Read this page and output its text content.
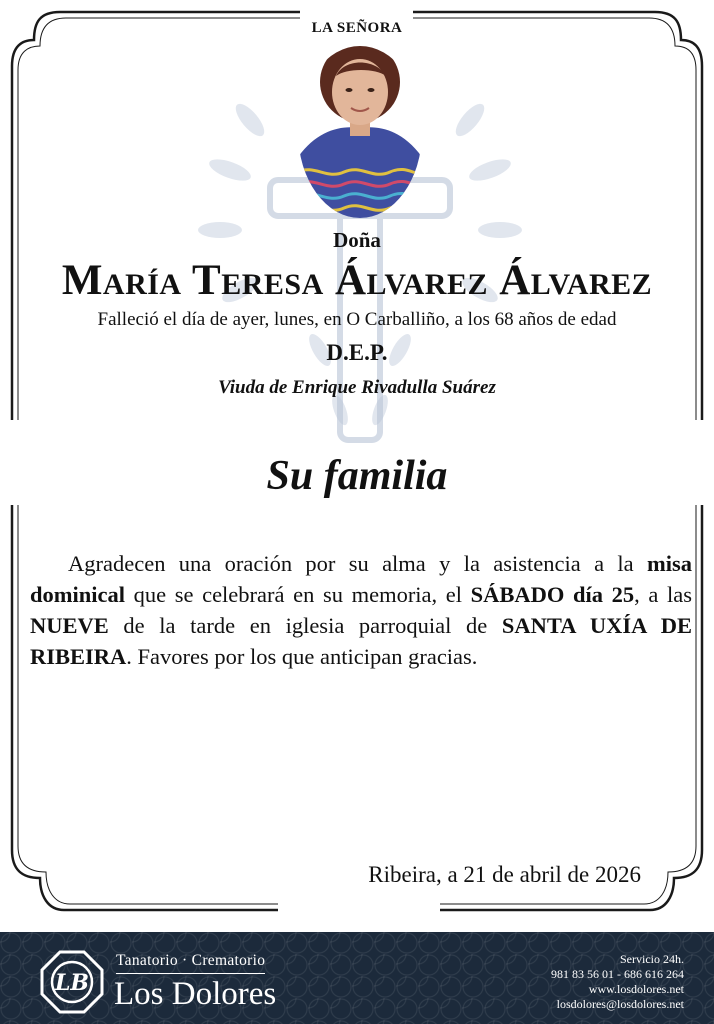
LA SEÑORA
Doña
María Teresa Álvarez Álvarez
Falleció el día de ayer, lunes, en O Carballiño, a los 68 años de edad
D.E.P.
Viuda de Enrique Rivadulla Suárez
Su familia
Agradecen una oración por su alma y la asistencia a la misa dominical que se celebrará en su memoria, el SÁBADO día 25, a las NUEVE de la tarde en iglesia parroquial de SANTA UXÍA DE RIBEIRA. Favores por los que anticipan gracias.
Ribeira, a 21 de abril de 2026
LB
Tanatorio · Crematorio
Los Dolores
Servicio 24h.
981 83 56 01 - 686 616 264
www.losdolores.net
losdolores@losdolores.net
